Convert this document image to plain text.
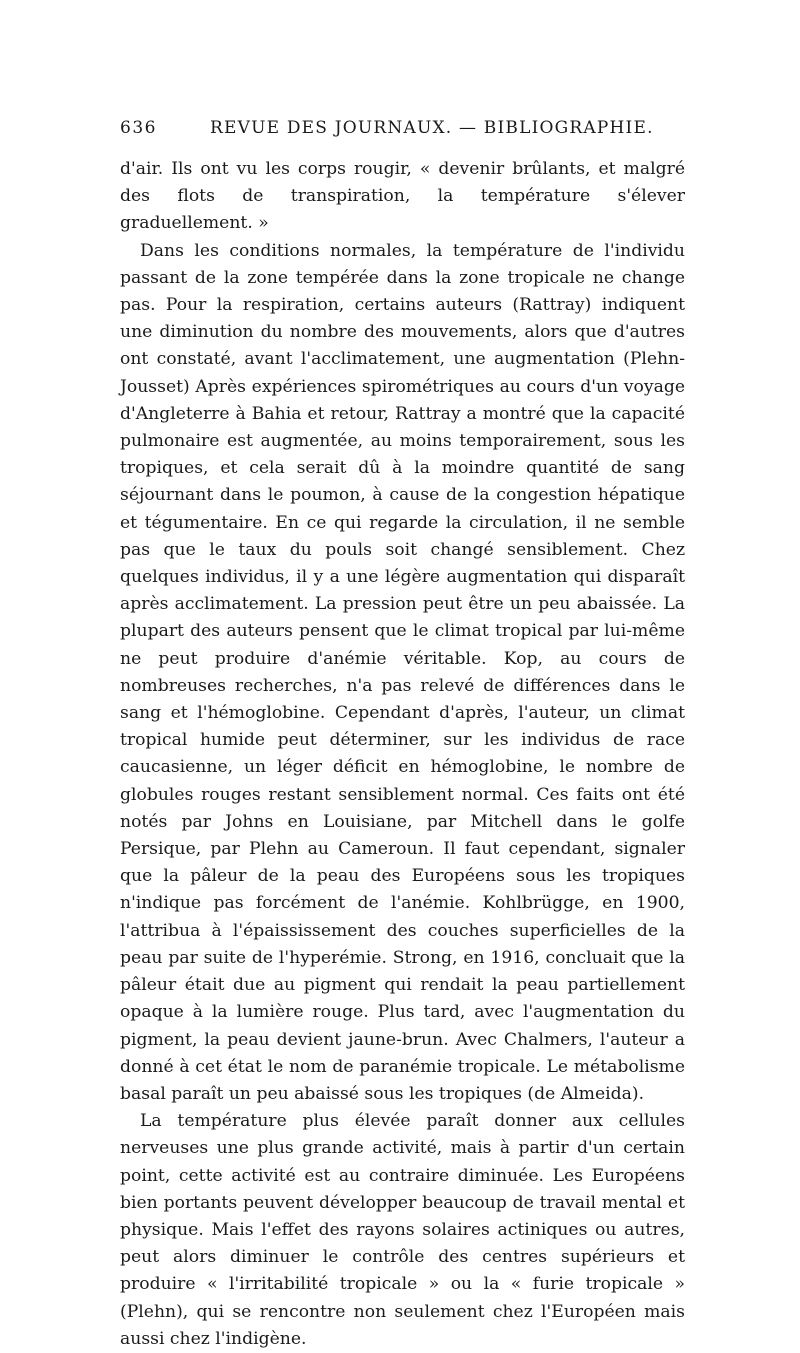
636	REVUE DES JOURNAUX. — BIBLIOGRAPHIE.

d'air. Ils ont vu les corps rougir, « devenir brûlants, et malgré des flots de transpiration, la température s'élever graduellement. »

Dans les conditions normales, la température de l'individu passant de la zone tempérée dans la zone tropicale ne change pas. Pour la respiration, certains auteurs (Rattray) indiquent une diminution du nombre des mouvements, alors que d'autres ont constaté, avant l'acclimatement, une augmentation (Plehn-Jousset) Après expériences spirométriques au cours d'un voyage d'Angleterre à Bahia et retour, Rattray a montré que la capacité pulmonaire est augmentée, au moins temporairement, sous les tropiques, et cela serait dû à la moindre quantité de sang séjournant dans le poumon, à cause de la congestion hépatique et tégumentaire. En ce qui regarde la circulation, il ne semble pas que le taux du pouls soit changé sensiblement. Chez quelques individus, il y a une légère augmentation qui disparaît après acclimatement. La pression peut être un peu abaissée. La plupart des auteurs pensent que le climat tropical par lui-même ne peut produire d'anémie véritable. Kop, au cours de nombreuses recherches, n'a pas relevé de différences dans le sang et l'hémoglobine. Cependant d'après, l'auteur, un climat tropical humide peut déterminer, sur les individus de race caucasienne, un léger déficit en hémoglobine, le nombre de globules rouges restant sensiblement normal. Ces faits ont été notés par Johns en Louisiane, par Mitchell dans le golfe Persique, par Plehn au Cameroun. Il faut cependant, signaler que la pâleur de la peau des Européens sous les tropiques n'indique pas forcément de l'anémie. Kohlbrügge, en 1900, l'attribua à l'épaississement des couches superficielles de la peau par suite de l'hyperémie. Strong, en 1916, concluait que la pâleur était due au pigment qui rendait la peau partiellement opaque à la lumière rouge. Plus tard, avec l'augmentation du pigment, la peau devient jaune-brun. Avec Chalmers, l'auteur a donné à cet état le nom de paranémie tropicale. Le métabolisme basal paraît un peu abaissé sous les tropiques (de Almeida).

La température plus élevée paraît donner aux cellules nerveuses une plus grande activité, mais à partir d'un certain point, cette activité est au contraire diminuée. Les Européens bien portants peuvent développer beaucoup de travail mental et physique. Mais l'effet des rayons solaires actiniques ou autres, peut alors diminuer le contrôle des centres supérieurs et produire « l'irritabilité tropicale » ou la « furie tropicale » (Plehn), qui se rencontre non seulement chez l'Européen mais aussi chez l'indigène.
